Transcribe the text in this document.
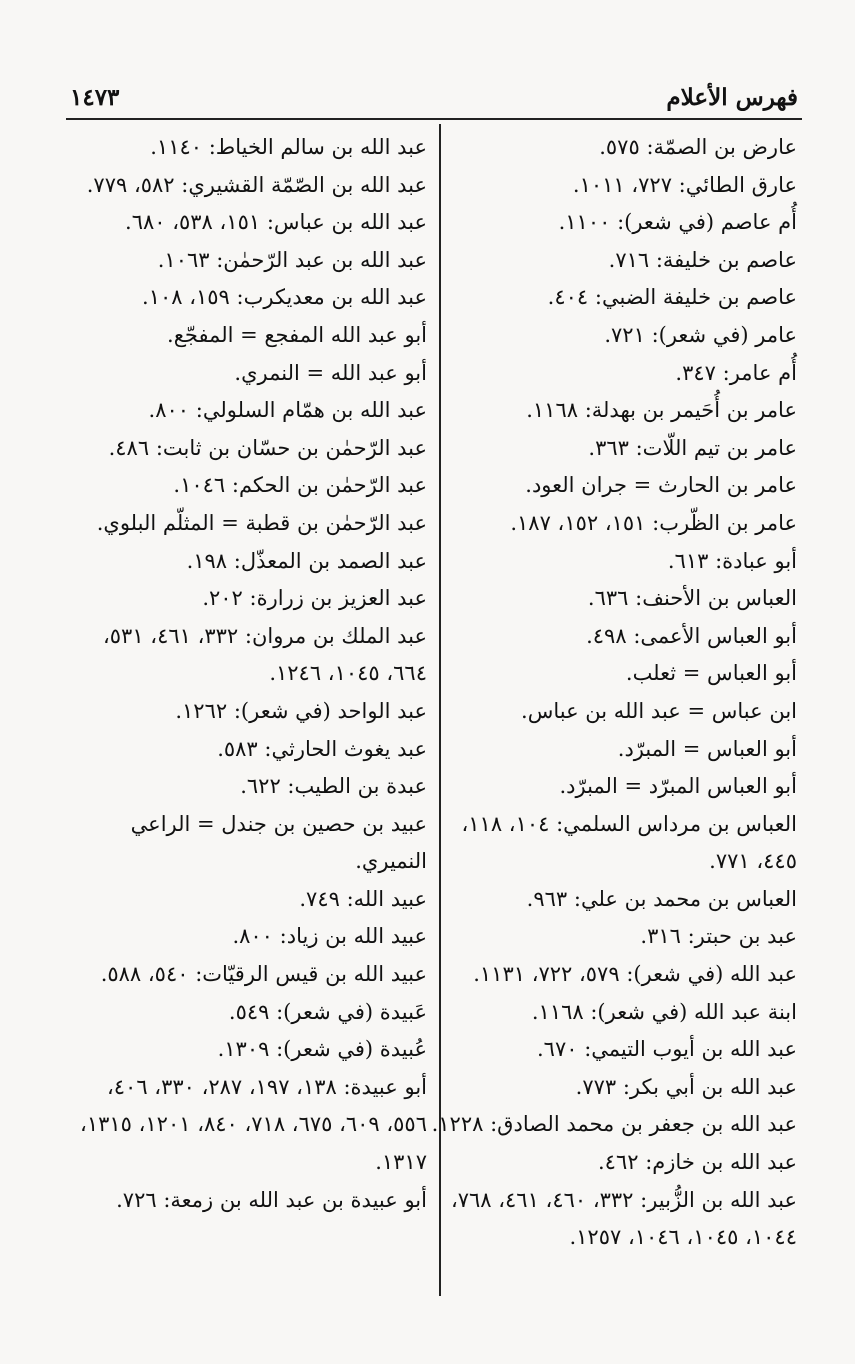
فهرس الأعلام
١٤٧٣
عارض بن الصمّة: ٥٧٥.
عارق الطائي: ٧٢٧، ١٠١١.
أُم عاصم (في شعر): ١١٠٠.
عاصم بن خليفة: ٧١٦.
عاصم بن خليفة الضبي: ٤٠٤.
عامر (في شعر): ٧٢١.
أُم عامر: ٣٤٧.
عامر بن أُحَيمر بن بهدلة: ١١٦٨.
عامر بن تيم اللّات: ٣٦٣.
عامر بن الحارث = جران العود.
عامر بن الظّرب: ١٥١، ١٥٢، ١٨٧.
أبو عبادة: ٦١٣.
العباس بن الأحنف: ٦٣٦.
أبو العباس الأعمى: ٤٩٨.
أبو العباس = ثعلب.
ابن عباس = عبد الله بن عباس.
أبو العباس = المبرّد.
أبو العباس المبرّد = المبرّد.
العباس بن مرداس السلمي: ١٠٤، ١١٨، ٤٤٥، ٧٧١.
العباس بن محمد بن علي: ٩٦٣.
عبد بن حبتر: ٣١٦.
عبد الله (في شعر): ٥٧٩، ٧٢٢، ١١٣١.
ابنة عبد الله (في شعر): ١١٦٨.
عبد الله بن أيوب التيمي: ٦٧٠.
عبد الله بن أبي بكر: ٧٧٣.
عبد الله بن جعفر بن محمد الصادق: ١٢٢٨.
عبد الله بن خازم: ٤٦٢.
عبد الله بن الزُّبير: ٣٣٢، ٤٦٠، ٤٦١، ٧٦٨، ١٠٤٤، ١٠٤٥، ١٠٤٦، ١٢٥٧.
عبد الله بن سالم الخياط: ١١٤٠.
عبد الله بن الصّمّة القشيري: ٥٨٢، ٧٧٩.
عبد الله بن عباس: ١٥١، ٥٣٨، ٦٨٠.
عبد الله بن عبد الرّحمٰن: ١٠٦٣.
عبد الله بن معديكرب: ١٥٩، ١٠٨.
أبو عبد الله المفجع = المفجّع.
أبو عبد الله = النمري.
عبد الله بن همّام السلولي: ٨٠٠.
عبد الرّحمٰن بن حسّان بن ثابت: ٤٨٦.
عبد الرّحمٰن بن الحكم: ١٠٤٦.
عبد الرّحمٰن بن قطبة = المثلّم البلوي.
عبد الصمد بن المعذّل: ١٩٨.
عبد العزيز بن زرارة: ٢٠٢.
عبد الملك بن مروان: ٣٣٢، ٤٦١، ٥٣١، ٦٦٤، ١٠٤٥، ١٢٤٦.
عبد الواحد (في شعر): ١٢٦٢.
عبد يغوث الحارثي: ٥٨٣.
عبدة بن الطيب: ٦٢٢.
عبيد بن حصين بن جندل = الراعي النميري.
عبيد الله: ٧٤٩.
عبيد الله بن زياد: ٨٠٠.
عبيد الله بن قيس الرقيّات: ٥٤٠، ٥٨٨.
عَبيدة (في شعر): ٥٤٩.
عُبيدة (في شعر): ١٣٠٩.
أبو عبيدة: ١٣٨، ١٩٧، ٢٨٧، ٣٣٠، ٤٠٦، ٥٥٦، ٦٠٩، ٦٧٥، ٧١٨، ٨٤٠، ١٢٠١، ١٣١٥، ١٣١٧.
أبو عبيدة بن عبد الله بن زمعة: ٧٢٦.
